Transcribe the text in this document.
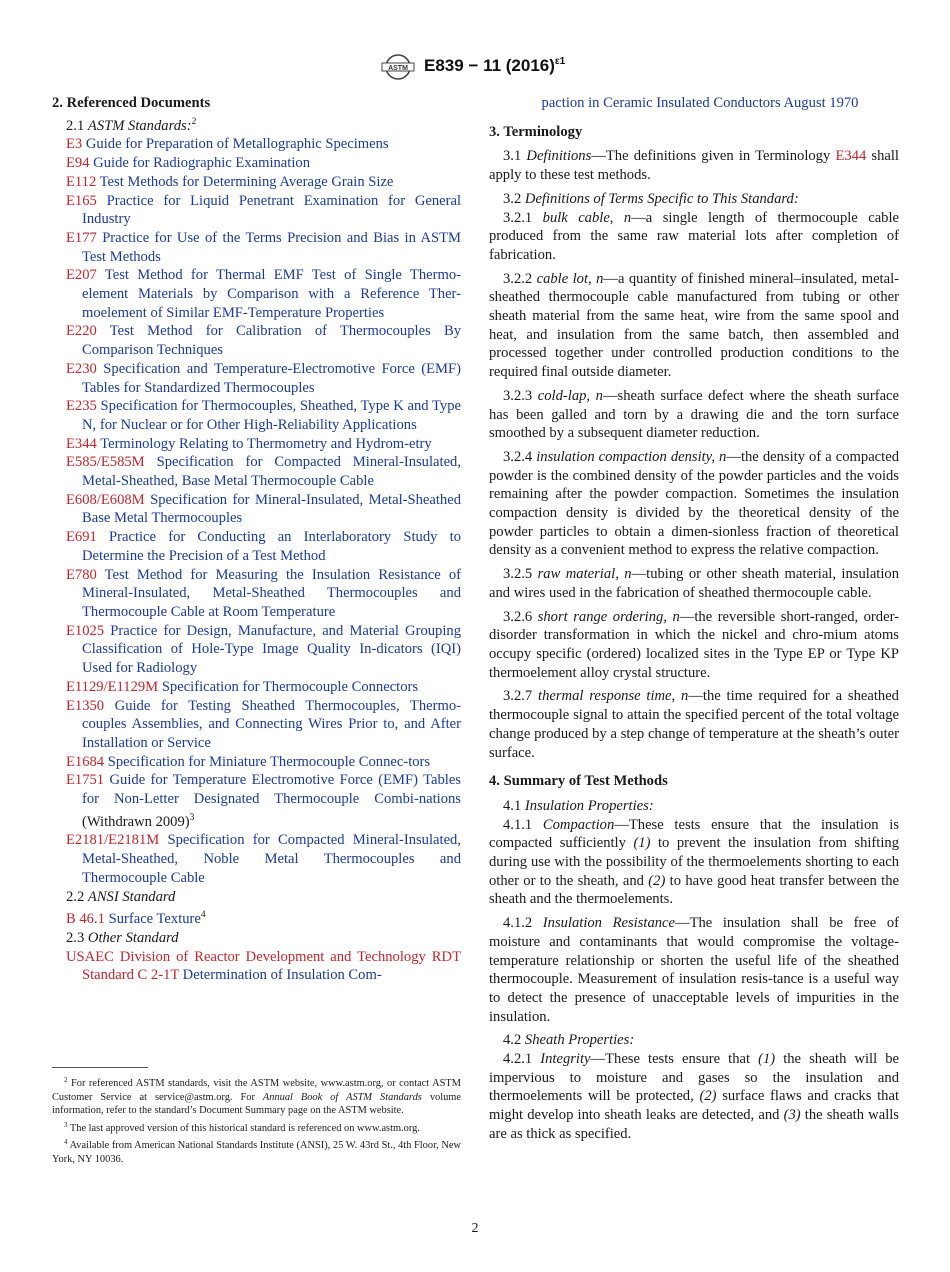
ASTM E839 − 11 $(2016)^{\varepsilon 1}$

2. Referenced Documents

2.1 ASTM Standards:$^2$

E3 Guide for Preparation of Metallographic Specimens

E94 Guide for Radiographic Examination

E112 Test Methods for Determining Average Grain Size

E165 Practice for Liquid Penetrant Examination for General Industry

E177 Practice for Use of the Terms Precision and Bias in ASTM Test Methods

E207 Test Method for Thermal EMF Test of Single Thermo-element Materials by Comparison with a Reference Ther-moelement of Similar EMF-Temperature Properties

E220 Test Method for Calibration of Thermocouples By Comparison Techniques

E230 Specification and Temperature-Electromotive Force (EMF) Tables for Standardized Thermocouples

E235 Specification for Thermocouples, Sheathed, Type K and Type N, for Nuclear or for Other High-Reliability Applications

E344 Terminology Relating to Thermometry and Hydrom-etry

E585/E585M Specification for Compacted Mineral-Insulated, Metal-Sheathed, Base Metal Thermocouple Cable

E608/E608M Specification for Mineral-Insulated, Metal-Sheathed Base Metal Thermocouples

E691 Practice for Conducting an Interlaboratory Study to Determine the Precision of a Test Method

E780 Test Method for Measuring the Insulation Resistance of Mineral-Insulated, Metal-Sheathed Thermocouples and Thermocouple Cable at Room Temperature

E1025 Practice for Design, Manufacture, and Material Grouping Classification of Hole-Type Image Quality In-dicators (IQI) Used for Radiology

E1129/E1129M Specification for Thermocouple Connectors

E1350 Guide for Testing Sheathed Thermocouples, Thermo-couples Assemblies, and Connecting Wires Prior to, and After Installation or Service

E1684 Specification for Miniature Thermocouple Connec-tors

E1751 Guide for Temperature Electromotive Force (EMF) Tables for Non-Letter Designated Thermocouple Combi-nations (Withdrawn 2009)$^3$

E2181/E2181M Specification for Compacted Mineral-Insulated, Metal-Sheathed, Noble Metal Thermocouples and Thermocouple Cable

2.2 ANSI Standard

B 46.1 Surface Texture$^4$

2.3 Other Standard

USAEC Division of Reactor Development and Technology RDT Standard C 2-1T Determination of Insulation Com-

$^2$ For referenced ASTM standards, visit the ASTM website, www.astm.org, or contact ASTM Customer Service at service@astm.org. For Annual Book of ASTM Standards volume information, refer to the standard’s Document Summary page on the ASTM website.

$^3$ The last approved version of this historical standard is referenced on www.astm.org.

$^4$ Available from American National Standards Institute (ANSI), 25 W. 43rd St., 4th Floor, New York, NY 10036.

paction in Ceramic Insulated Conductors August 1970

3. Terminology

3.1 Definitions—The definitions given in Terminology E344 shall apply to these test methods.

3.2 Definitions of Terms Specific to This Standard:

3.2.1 bulk cable, n—a single length of thermocouple cable produced from the same raw material lots after completion of fabrication.

3.2.2 cable lot, n—a quantity of finished mineral–insulated, metal-sheathed thermocouple cable manufactured from tubing or other sheath material from the same heat, wire from the same spool and heat, and insulation from the same batch, then assembled and processed together under controlled production conditions to the required final outside diameter.

3.2.3 cold-lap, n—sheath surface defect where the sheath surface has been galled and torn by a drawing die and the torn surface smoothed by a subsequent diameter reduction.

3.2.4 insulation compaction density, n—the density of a compacted powder is the combined density of the powder particles and the voids remaining after the powder compaction. Sometimes the insulation compaction density is divided by the theoretical density of the powder particles to obtain a dimen-sionless fraction of theoretical density as a convenient method to express the relative compaction.

3.2.5 raw material, n—tubing or other sheath material, insulation and wires used in the fabrication of sheathed thermocouple cable.

3.2.6 short range ordering, n—the reversible short-ranged, order-disorder transformation in which the nickel and chro-mium atoms occupy specific (ordered) localized sites in the Type EP or Type KP thermoelement alloy crystal structure.

3.2.7 thermal response time, n—the time required for a sheathed thermocouple signal to attain the specified percent of the total voltage change produced by a step change of temperature at the sheath’s outer surface.

4. Summary of Test Methods

4.1 Insulation Properties:

4.1.1 Compaction—These tests ensure that the insulation is compacted sufficiently (1) to prevent the insulation from shifting during use with the possibility of the thermoelements shorting to each other or to the sheath, and (2) to have good heat transfer between the sheath and the thermoelements.

4.1.2 Insulation Resistance—The insulation shall be free of moisture and contaminants that would compromise the voltage-temperature relationship or shorten the useful life of the sheathed thermocouple. Measurement of insulation resis-tance is a useful way to detect the presence of unacceptable levels of impurities in the insulation.

4.2 Sheath Properties:

4.2.1 Integrity—These tests ensure that (1) the sheath will be impervious to moisture and gases so the insulation and thermoelements will be protected, (2) surface flaws and cracks that might develop into sheath leaks are detected, and (3) the sheath walls are as thick as specified.

2
